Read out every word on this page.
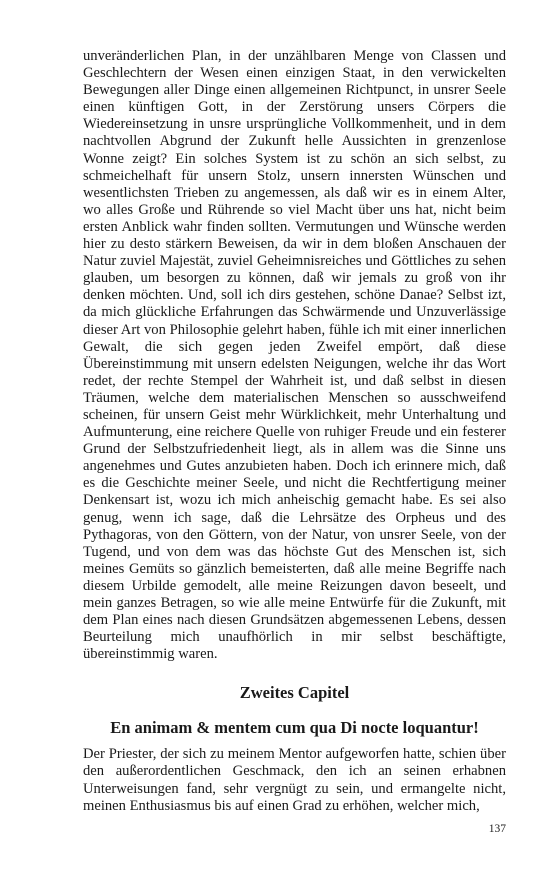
unveränderlichen Plan, in der unzählbaren Menge von Classen und Geschlechtern der Wesen einen einzigen Staat, in den verwickelten Bewegungen aller Dinge einen allgemeinen Richtpunct, in unsrer Seele einen künftigen Gott, in der Zerstörung unsers Cörpers die Wiedereinsetzung in unsre ursprüngliche Vollkommenheit, und in dem nachtvollen Abgrund der Zukunft helle Aussichten in grenzenlose Wonne zeigt? Ein solches System ist zu schön an sich selbst, zu schmeichelhaft für unsern Stolz, unsern innersten Wünschen und wesentlichsten Trieben zu angemessen, als daß wir es in einem Alter, wo alles Große und Rührende so viel Macht über uns hat, nicht beim ersten Anblick wahr finden sollten. Vermutungen und Wünsche werden hier zu desto stärkern Beweisen, da wir in dem bloßen Anschauen der Natur zuviel Majestät, zuviel Geheimnisreiches und Göttliches zu sehen glauben, um besorgen zu können, daß wir jemals zu groß von ihr denken möchten. Und, soll ich dirs gestehen, schöne Danae? Selbst izt, da mich glückliche Erfahrungen das Schwärmende und Unzuverlässige dieser Art von Philosophie gelehrt haben, fühle ich mit einer innerlichen Gewalt, die sich gegen jeden Zweifel empört, daß diese Übereinstimmung mit unsern edelsten Neigungen, welche ihr das Wort redet, der rechte Stempel der Wahrheit ist, und daß selbst in diesen Träumen, welche dem materialischen Menschen so ausschweifend scheinen, für unsern Geist mehr Würklichkeit, mehr Unterhaltung und Aufmunterung, eine reichere Quelle von ruhiger Freude und ein festerer Grund der Selbstzufriedenheit liegt, als in allem was die Sinne uns angenehmes und Gutes anzubieten haben. Doch ich erinnere mich, daß es die Geschichte meiner Seele, und nicht die Rechtfertigung meiner Denkensart ist, wozu ich mich anheischig gemacht habe. Es sei also genug, wenn ich sage, daß die Lehrsätze des Orpheus und des Pythagoras, von den Göttern, von der Natur, von unsrer Seele, von der Tugend, und von dem was das höchste Gut des Menschen ist, sich meines Gemüts so gänzlich bemeisterten, daß alle meine Begriffe nach diesem Urbilde gemodelt, alle meine Reizungen davon beseelt, und mein ganzes Betragen, so wie alle meine Entwürfe für die Zukunft, mit dem Plan eines nach diesen Grundsätzen abgemessenen Lebens, dessen Beurteilung mich unaufhörlich in mir selbst beschäftigte, übereinstimmig waren.

Zweites Capitel
En animam & mentem cum qua Di nocte loquantur!

Der Priester, der sich zu meinem Mentor aufgeworfen hatte, schien über den außerordentlichen Geschmack, den ich an seinen erhabnen Unterweisungen fand, sehr vergnügt zu sein, und ermangelte nicht, meinen Enthusiasmus bis auf einen Grad zu erhöhen, welcher mich,

137
